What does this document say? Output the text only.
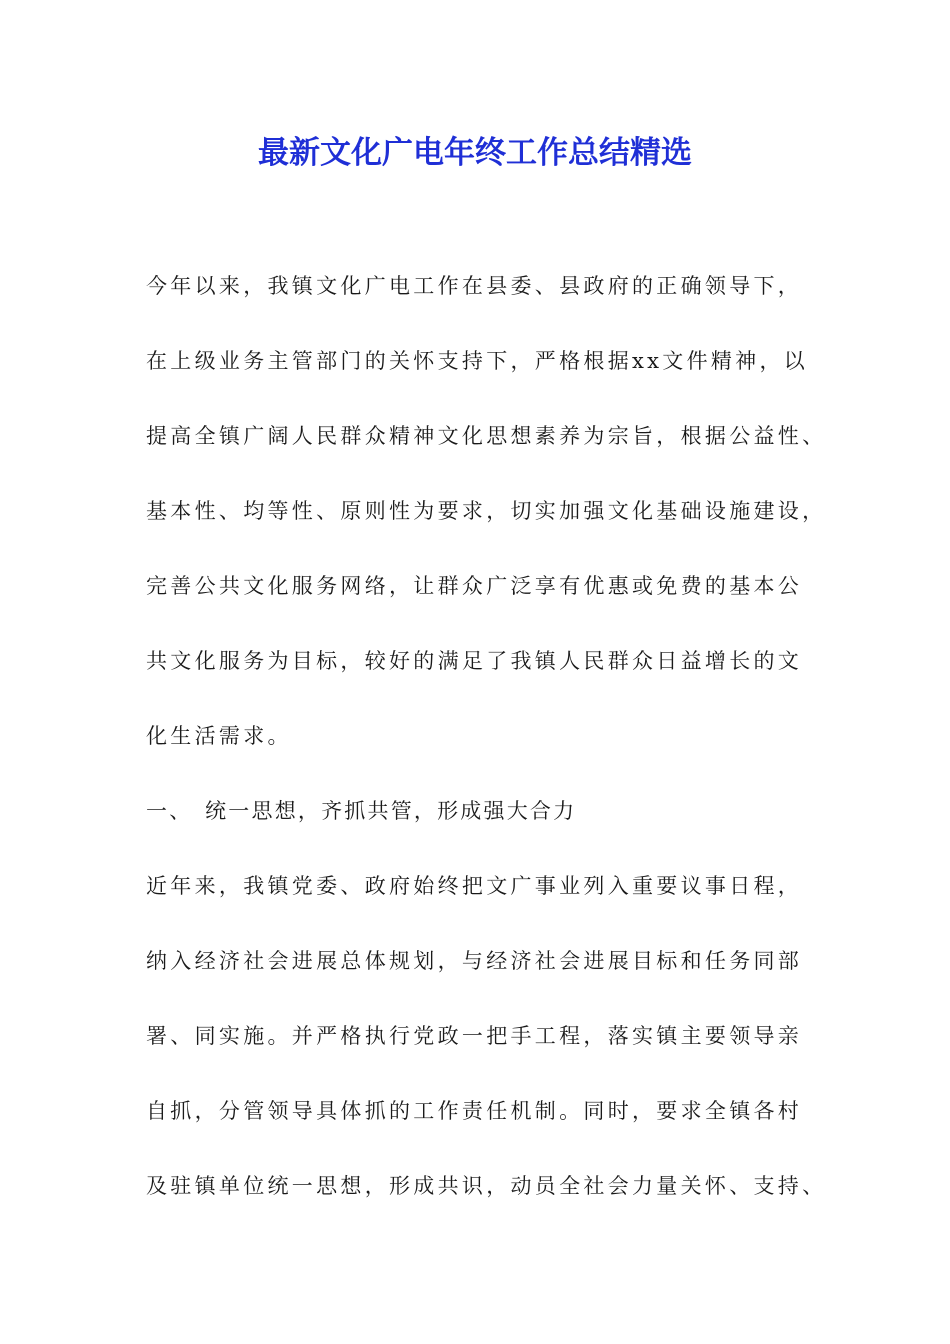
最新文化广电年终工作总结精选

今年以来，我镇文化广电工作在县委、县政府的正确领导下，

在上级业务主管部门的关怀支持下，严格根据xx文件精神，以

提高全镇广阔人民群众精神文化思想素养为宗旨，根据公益性、

基本性、均等性、原则性为要求，切实加强文化基础设施建设，

完善公共文化服务网络，让群众广泛享有优惠或免费的基本公

共文化服务为目标，较好的满足了我镇人民群众日益增长的文

化生活需求。

一、　统一思想，齐抓共管，形成强大合力

近年来，我镇党委、政府始终把文广事业列入重要议事日程，

纳入经济社会进展总体规划，与经济社会进展目标和任务同部

署、同实施。并严格执行党政一把手工程，落实镇主要领导亲

自抓，分管领导具体抓的工作责任机制。同时，要求全镇各村

及驻镇单位统一思想，形成共识，动员全社会力量关怀、支持、
